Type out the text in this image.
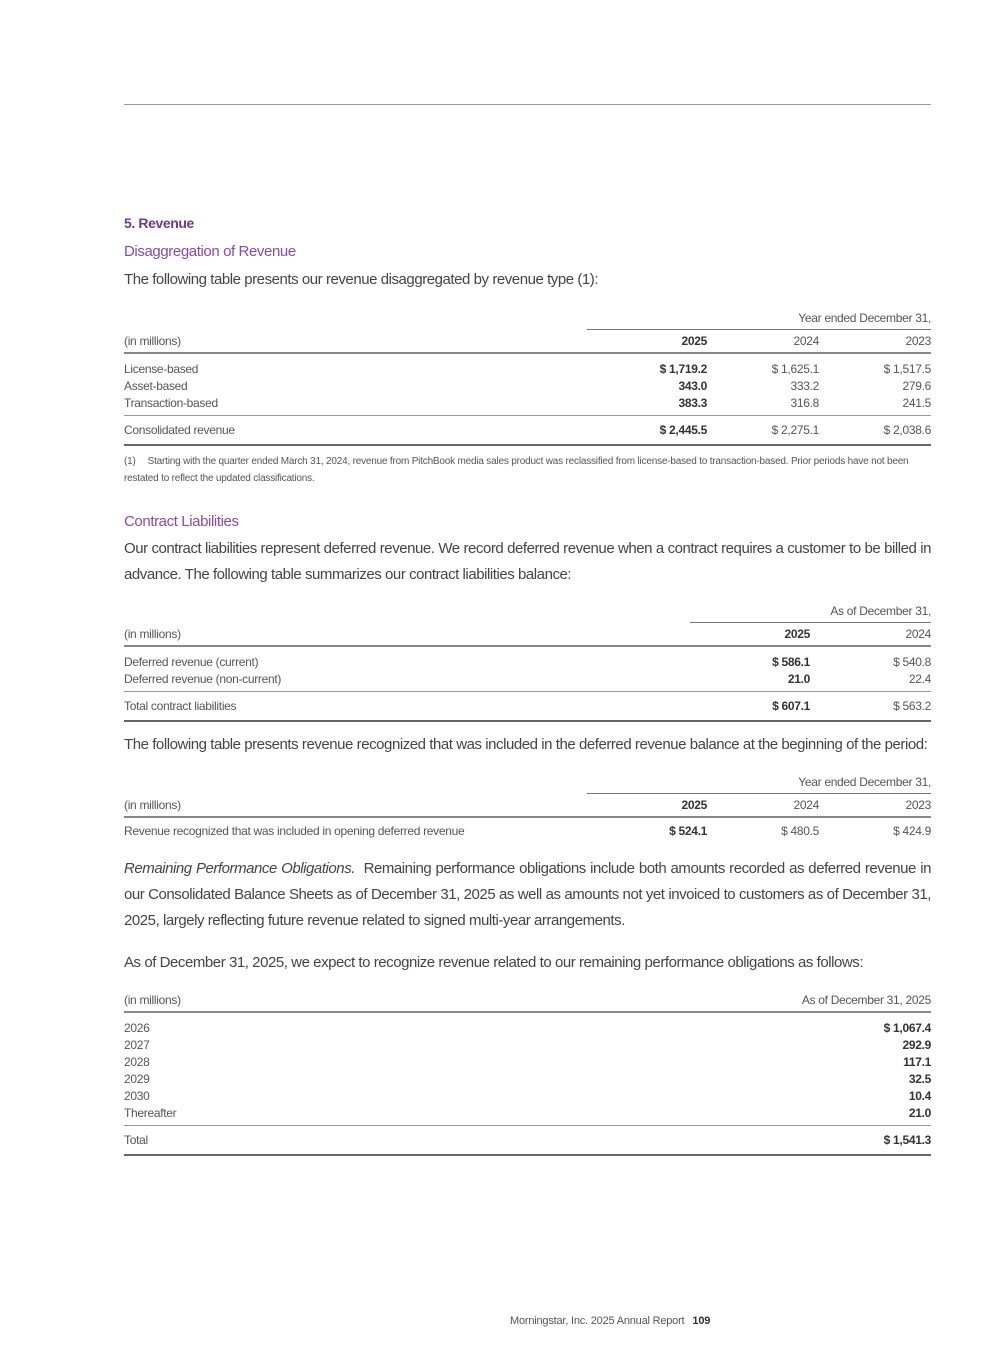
5. Revenue
Disaggregation of Revenue

The following table presents our revenue disaggregated by revenue type (1):

	Year ended December 31,		
(in millions)	2025	2024	2023

License-based	$ 1,719.2	$ 1,625.1	$ 1,517.5
Asset-based	343.0	333.2	279.6
Transaction-based	383.3	316.8	241.5

Consolidated revenue	$ 2,445.5	$ 2,275.1	$ 2,038.6
(1) Starting with the quarter ended March 31, 2024, revenue from PitchBook media sales product was reclassified from license-based to transaction-based. Prior periods have not been restated to reflect the updated classifications.
Contract Liabilities

Our contract liabilities represent deferred revenue. We record deferred revenue when a contract requires a customer to be billed in advance. The following table summarizes our contract liabilities balance:

	As of December 31,	
(in millions)	2025	2024

Deferred revenue (current)	$ 586.1	$ 540.8
Deferred revenue (non-current)	21.0	22.4

Total contract liabilities	$ 607.1	$ 563.2

The following table presents revenue recognized that was included in the deferred revenue balance at the beginning of the period:

	Year ended December 31,		
(in millions)	2025	2024	2023
Revenue recognized that was included in opening deferred revenue	$ 524.1	$ 480.5	$ 424.9

Remaining Performance Obligations. Remaining performance obligations include both amounts recorded as deferred revenue in our Consolidated Balance Sheets as of December 31, 2025 as well as amounts not yet invoiced to customers as of December 31, 2025, largely reflecting future revenue related to signed multi-year arrangements.

As of December 31, 2025, we expect to recognize revenue related to our remaining performance obligations as follows:

(in millions)	As of December 31, 2025

2026	$ 1,067.4
2027	292.9
2028	117.1
2029	32.5
2030	10.4
Thereafter	21.0

Total	$ 1,541.3
Morningstar, Inc. 2025 Annual Report 109
